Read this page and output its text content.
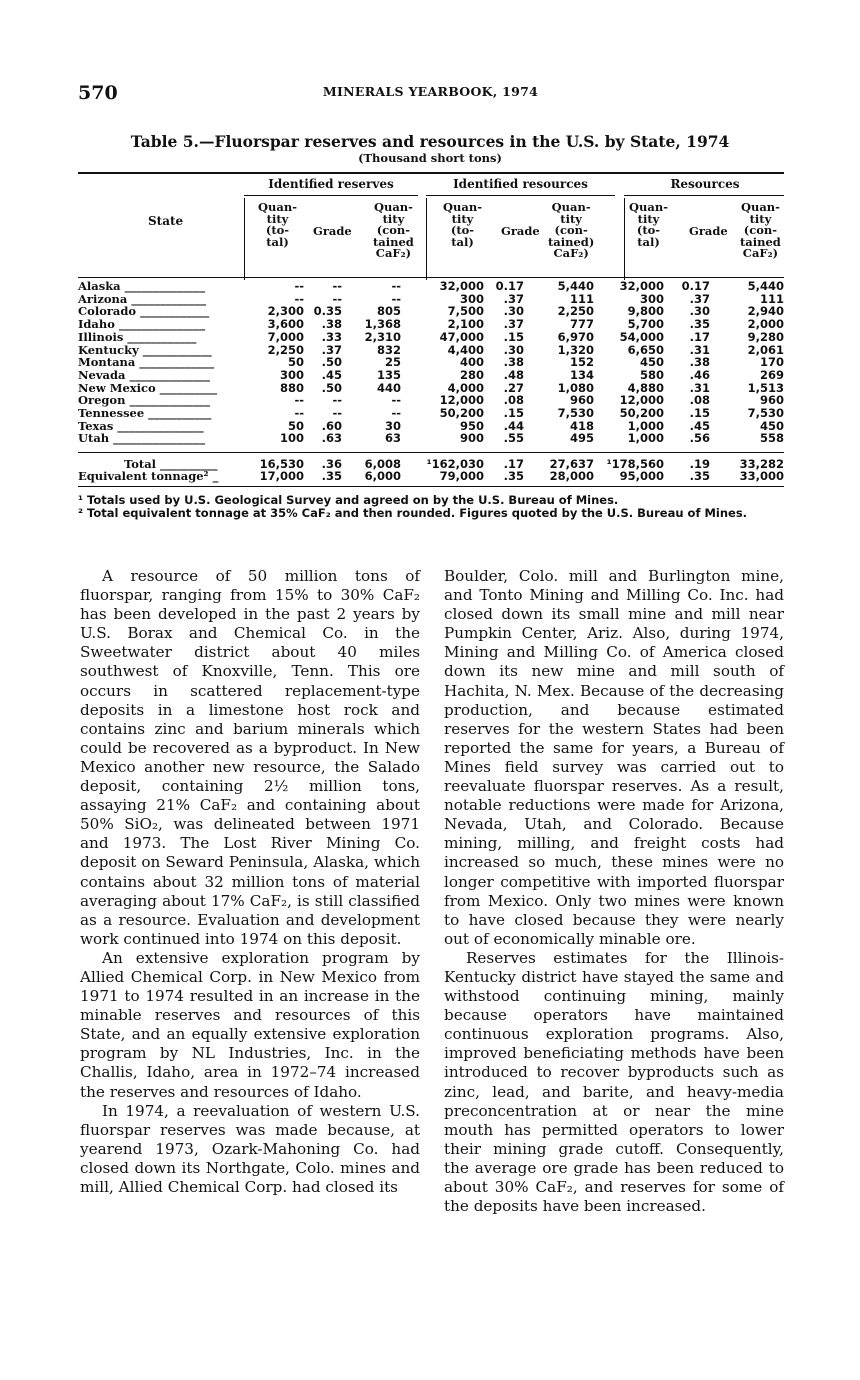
570	MINERALS YEARBOOK, 1974
Table 5.—Fluorspar reserves and resources in the U.S. by State, 1974
(Thousand short tons)
Identified reserves	Identified resources	Resources
State
Quan-
tity
(to-
tal)
Grade
Quan-
tity
(con-
tained
CaF₂)
Quan-
tity
(to-
tal)
Grade
Quan-
tity
(con-
tained)
CaF₂)
Quan-
tity
(to-
tal)
Grade
Quan-
tity
(con-
tained
CaF₂)
Alaska ______________	--	--	--	32,000	0.17	5,440	32,000	0.17	5,440
Arizona _____________	--	--	--	300	.37	111	300	.37	111
Colorado ____________	2,300 0.35	805	7,500	.30	2,250	9,800	.30	2,940
Idaho _______________	3,600	.38	1,368	2,100	.37	777	5,700	.35	2,000
Illinois ____________	7,000	.33	2,310	47,000	.15	6,970	54,000	.17	9,280
Kentucky ____________	2,250	.37	832	4,400	.30	1,320	6,650	.31	2,061
Montana _____________	50	.50	25	400	.38	152	450	.38	170
Nevada ______________	300	.45	135	280	.48	134	580	.46	269
New Mexico __________	880	.50	440	4,000	.27	1,080	4,880	.31	1,513
Oregon ______________	--	--	--	12,000	.08	960	12,000	.08	960
Tennessee ___________	--	--	--	50,200	.15	7,530	50,200	.15	7,530
Texas _______________	50	.60	30	950	.44	418	1,000	.45	450
Utah ________________	100	.63	63	900	.55	495	1,000	.56	558
Total __________	16,530	.36	6,008	¹162,030	.17	27,637	¹178,560	.19	33,282
Equivalent tonnage² _	17,000	.35	6,000	79,000	.35	28,000	95,000	.35	33,000
¹ Totals used by U.S. Geological Survey and agreed on by the U.S. Bureau of Mines.
² Total equivalent tonnage at 35% CaF₂ and then rounded. Figures quoted by the U.S. Bureau of Mines.

A resource of 50 million tons of fluorspar, ranging from 15% to 30% CaF₂ has been developed in the past 2 years by U.S. Borax and Chemical Co. in the Sweetwater district about 40 miles southwest of Knoxville, Tenn. This ore occurs in scattered replacement-type deposits in a limestone host rock and contains zinc and barium minerals which could be recovered as a byproduct. In New Mexico another new resource, the Salado deposit, containing 2½ million tons, assaying 21% CaF₂ and containing about 50% SiO₂, was delineated between 1971 and 1973. The Lost River Mining Co. deposit on Seward Peninsula, Alaska, which contains about 32 million tons of material averaging about 17% CaF₂, is still classified as a resource. Evaluation and development work continued into 1974 on this deposit.

An extensive exploration program by Allied Chemical Corp. in New Mexico from 1971 to 1974 resulted in an increase in the minable reserves and resources of this State, and an equally extensive exploration program by NL Industries, Inc. in the Challis, Idaho, area in 1972–74 increased the reserves and resources of Idaho.

In 1974, a reevaluation of western U.S. fluorspar reserves was made because, at yearend 1973, Ozark-Mahoning Co. had closed down its Northgate, Colo. mines and mill, Allied Chemical Corp. had closed its

Boulder, Colo. mill and Burlington mine, and Tonto Mining and Milling Co. Inc. had closed down its small mine and mill near Pumpkin Center, Ariz. Also, during 1974, Mining and Milling Co. of America closed down its new mine and mill south of Hachita, N. Mex. Because of the decreasing production, and because estimated reserves for the western States had been reported the same for years, a Bureau of Mines field survey was carried out to reevaluate fluorspar reserves. As a result, notable reductions were made for Arizona, Nevada, Utah, and Colorado. Because mining, milling, and freight costs had increased so much, these mines were no longer competitive with imported fluorspar from Mexico. Only two mines were known to have closed because they were nearly out of economically minable ore.

Reserves estimates for the Illinois-Kentucky district have stayed the same and withstood continuing mining, mainly because operators have maintained continuous exploration programs. Also, improved beneficiating methods have been introduced to recover byproducts such as zinc, lead, and barite, and heavy-media preconcentration at or near the mine mouth has permitted operators to lower their mining grade cutoff. Consequently, the average ore grade has been reduced to about 30% CaF₂, and reserves for some of the deposits have been increased.
